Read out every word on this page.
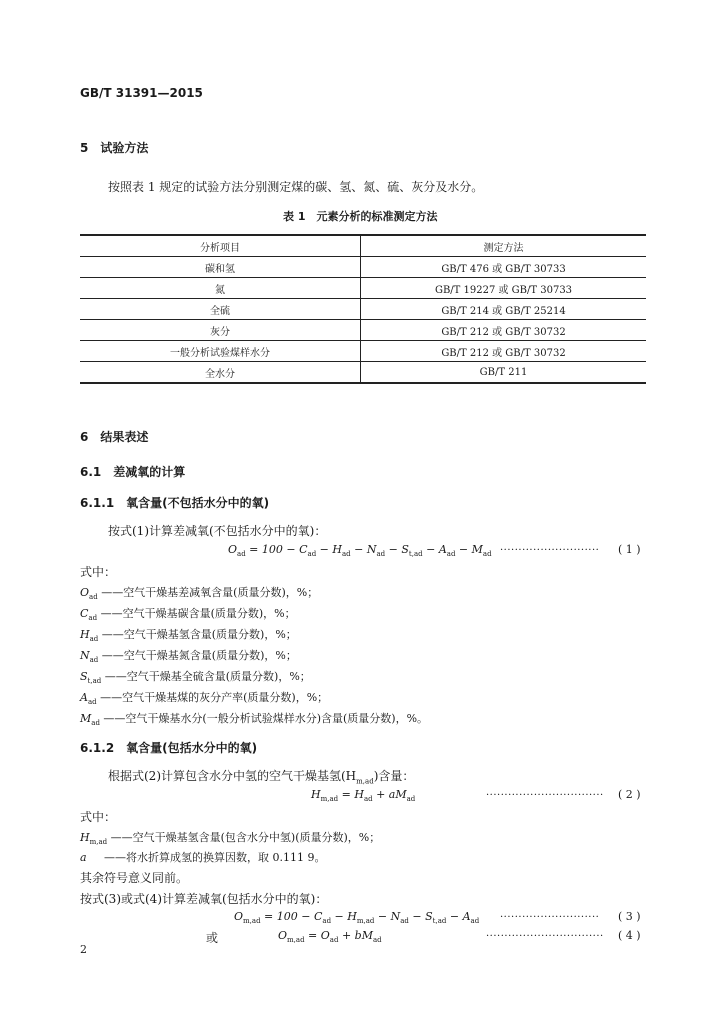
GB/T 31391—2015
5　试验方法
按照表 1 规定的试验方法分别测定煤的碳、氢、氮、硫、灰分及水分。
表 1　元素分析的标准测定方法
分析项目	测定方法
碳和氢	GB/T 476 或 GB/T 30733
氮	GB/T 19227 或 GB/T 30733
全硫	GB/T 214 或 GB/T 25214
灰分	GB/T 212 或 GB/T 30732
一般分析试验煤样水分	GB/T 212 或 GB/T 30732
全水分	GB/T 211
6　结果表述
6.1　差减氧的计算
6.1.1　氧含量(不包括水分中的氧)
按式(1)计算差减氧(不包括水分中的氧)：
$O_{ad} = 100 - C_{ad} - H_{ad} - N_{ad} - S_{t,ad} - A_{ad} - M_{ad}$ ··························· ( 1 )
式中：
$O_{ad}$ ——空气干燥基差减氧含量(质量分数)，%；
$C_{ad}$ ——空气干燥基碳含量(质量分数)，%；
$H_{ad}$ ——空气干燥基氢含量(质量分数)，%；
$N_{ad}$ ——空气干燥基氮含量(质量分数)，%；
$S_{t,ad}$ ——空气干燥基全硫含量(质量分数)，%；
$A_{ad}$ ——空气干燥基煤的灰分产率(质量分数)，%；
$M_{ad}$ ——空气干燥基水分(一般分析试验煤样水分)含量(质量分数)，%。
6.1.2　氧含量(包括水分中的氧)
根据式(2)计算包含水分中氢的空气干燥基氢$(H_{m,ad})$含量：
$H_{m,ad} = H_{ad} + aM_{ad}$	································ ( 2 )
式中：
$H_{m,ad}$ ——空气干燥基氢含量(包含水分中氢)(质量分数)，%；
a ——将水折算成氢的换算因数，取 0.111 9。
其余符号意义同前。
按式(3)或式(4)计算差减氧(包括水分中的氧)：
$O_{m,ad} = 100 - C_{ad} - H_{m,ad} - N_{ad} - S_{t,ad} - A_{ad}$ ··························· ( 3 )
或	$O_{m,ad} = O_{ad} + bM_{ad}$	································ ( 4 )
2
